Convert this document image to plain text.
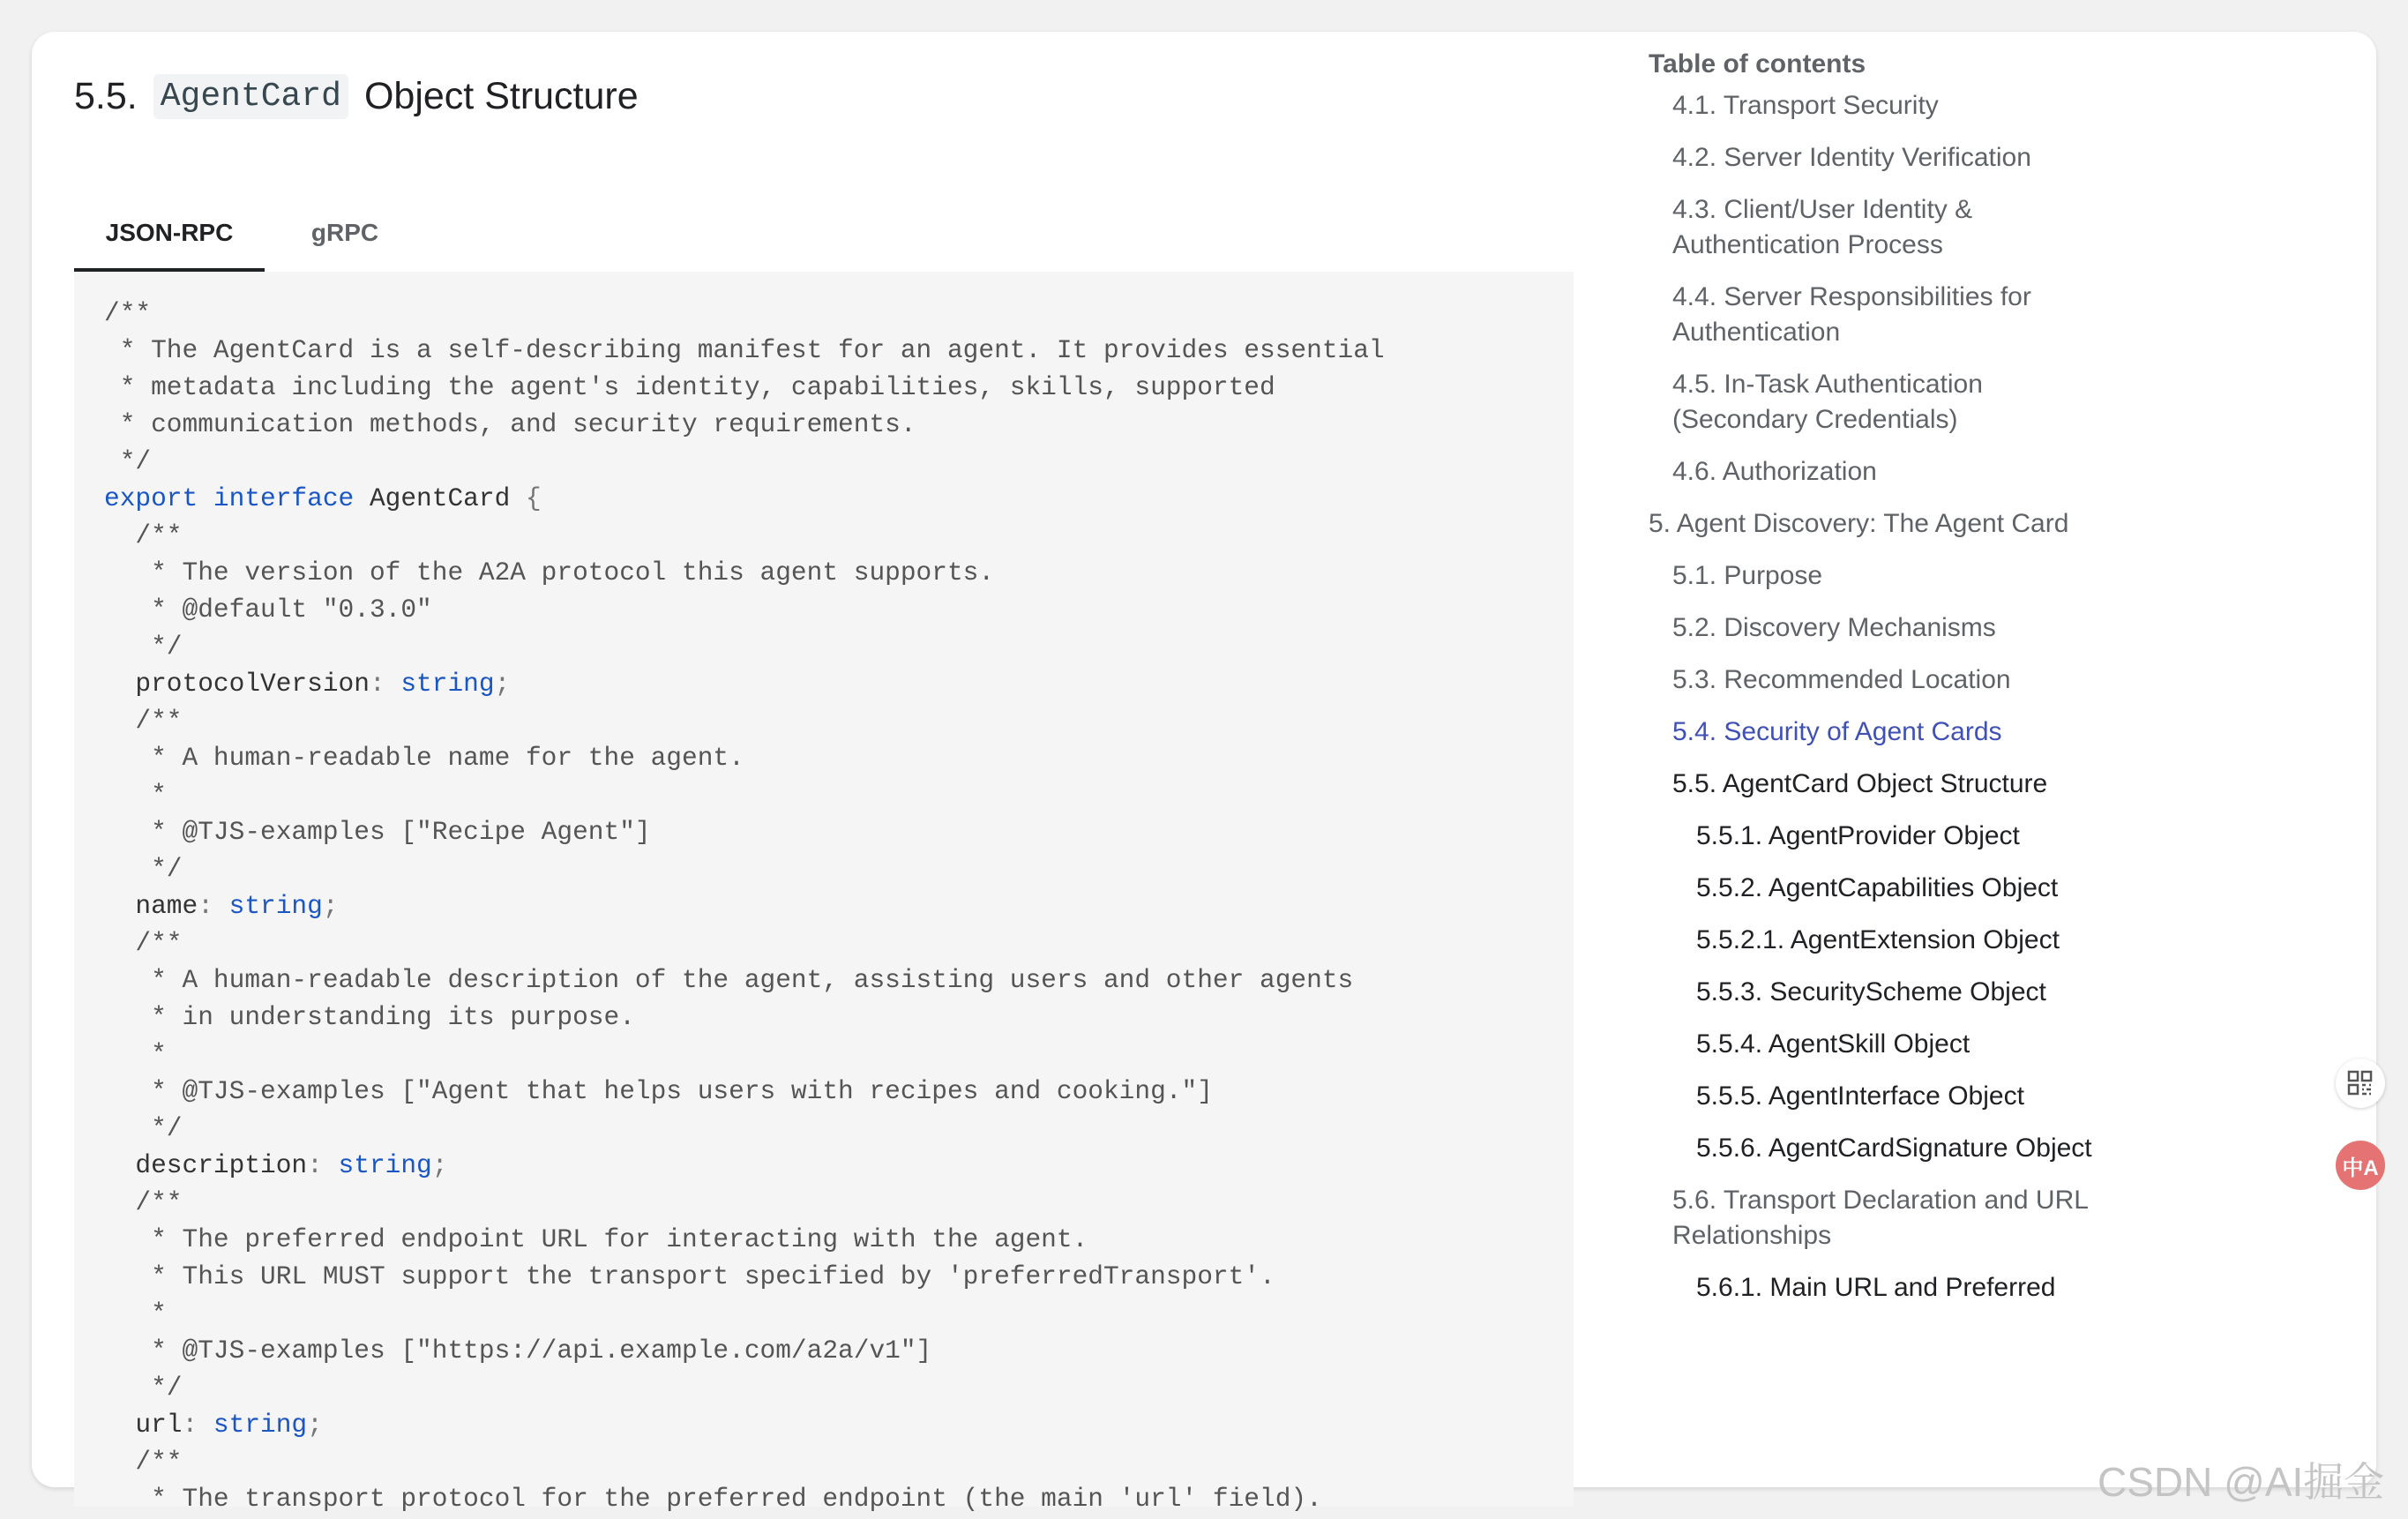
5.5. AgentCard Object Structure
JSON-RPC	gRPC
/**
* The AgentCard is a self-describing manifest for an agent. It provides essential
* metadata including the agent's identity, capabilities, skills, supported
* communication methods, and security requirements.
*/
export interface AgentCard {
/**
* The version of the A2A protocol this agent supports.
* @default "0.3.0"
*/
protocolVersion: string;
/**
* A human-readable name for the agent.
*
* @TJS-examples ["Recipe Agent"]
*/
name: string;
/**
* A human-readable description of the agent, assisting users and other agents
* in understanding its purpose.
*
* @TJS-examples ["Agent that helps users with recipes and cooking."]
*/
description: string;
/**
* The preferred endpoint URL for interacting with the agent.
* This URL MUST support the transport specified by 'preferredTransport'.
*
* @TJS-examples ["https://api.example.com/a2a/v1"]
*/
url: string;
/**
* The transport protocol for the preferred endpoint (the main 'url' field).
Table of contents
4.1. Transport Security
4.2. Server Identity Verification
4.3. Client/User Identity & Authentication Process
4.4. Server Responsibilities for Authentication
4.5. In-Task Authentication (Secondary Credentials)
4.6. Authorization
5. Agent Discovery: The Agent Card
5.1. Purpose
5.2. Discovery Mechanisms
5.3. Recommended Location
5.4. Security of Agent Cards
5.5. AgentCard Object Structure
5.5.1. AgentProvider Object
5.5.2. AgentCapabilities Object
5.5.2.1. AgentExtension Object
5.5.3. SecurityScheme Object
5.5.4. AgentSkill Object
5.5.5. AgentInterface Object
5.5.6. AgentCardSignature Object
5.6. Transport Declaration and URL Relationships
5.6.1. Main URL and Preferred
中A
CSDN @AI掘金
